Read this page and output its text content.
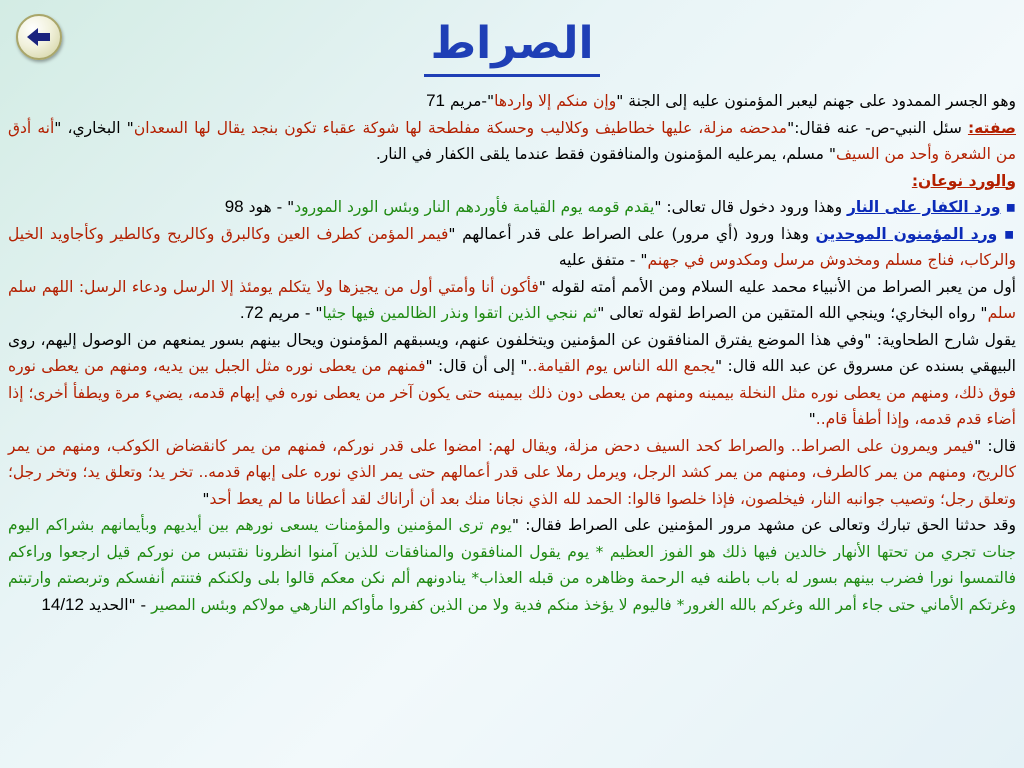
الصراط

وهو الجسر الممدود على جهنم ليعبر المؤمنون عليه إلى الجنة "وإن منكم إلا واردها"-مريم 71

صفته: سئل النبي-ص- عنه فقال:"مدحضه مزلة، عليها خطاطيف وكلاليب وحسكة مفلطحة لها شوكة عقباء تكون بنجد يقال لها السعدان" البخاري، "أنه أدق من الشعرة وأحد من السيف" مسلم، يمرعليه المؤمنون والمنافقون فقط عندما يلقى الكفار في النار.

والورد نوعان:

▪ ورد الكفار على النار وهذا ورود دخول قال تعالى: "يقدم قومه يوم القيامة فأوردهم النار وبئس الورد المورود" - هود 98

▪ ورد المؤمنون الموحدين وهذا ورود (أي مرور) على الصراط على قدر أعمالهم "فيمر المؤمن كطرف العين وكالبرق وكالريح وكالطير وكأجاويد الخيل والركاب، فناج مسلم ومخدوش مرسل ومكدوس في جهنم" - متفق عليه

أول من يعبر الصراط من الأنبياء محمد عليه السلام ومن الأمم أمته لقوله "فأكون أنا وأمتي أول من يجيزها ولا يتكلم يومئذ إلا الرسل ودعاء الرسل: اللهم سلم سلم" رواه البخاري؛ وينجي الله المتقين من الصراط لقوله تعالى "ثم ننجي الذين اتقوا ونذر الظالمين فيها جثيا" - مريم 72.

يقول شارح الطحاوية: "وفي هذا الموضع يفترق المنافقون عن المؤمنين ويتخلفون عنهم، ويسبقهم المؤمنون ويحال بينهم بسور يمنعهم من الوصول إليهم، روى البيهقي بسنده عن مسروق عن عبد الله قال: "يجمع الله الناس يوم القيامة.." إلى أن قال: "فمنهم من يعطى نوره مثل الجبل بين يديه، ومنهم من يعطى نوره فوق ذلك، ومنهم من يعطى نوره مثل النخلة بيمينه ومنهم من يعطى دون ذلك بيمينه حتى يكون آخر من يعطى نوره في إبهام قدمه، يضيء مرة ويطفأ أخرى؛ إذا أضاء قدم قدمه، وإذا أطفأ قام.."

قال: "فيمر ويمرون على الصراط.. والصراط كحد السيف دحض مزلة، ويقال لهم: امضوا على قدر نوركم، فمنهم من يمر كانقضاض الكوكب، ومنهم من يمر كالريح، ومنهم من يمر كالطرف، ومنهم من يمر كشد الرجل، ويرمل رملا على قدر أعمالهم حتى يمر الذي نوره على إبهام قدمه.. تخر يد؛ وتعلق يد؛ وتخر رجل؛ وتعلق رجل؛ وتصيب جوانبه النار، فيخلصون، فإذا خلصوا قالوا: الحمد لله الذي نجانا منك بعد أن أراناك لقد أعطانا ما لم يعط أحد"

وقد حدثنا الحق تبارك وتعالى عن مشهد مرور المؤمنين على الصراط فقال: "يوم ترى المؤمنين والمؤمنات يسعى نورهم بين أيديهم وبأيمانهم بشراكم اليوم جنات تجري من تحتها الأنهار خالدين فيها ذلك هو الفوز العظيم * يوم يقول المنافقون والمنافقات للذين آمنوا انظرونا نقتبس من نوركم قيل ارجعوا وراءكم فالتمسوا نورا فضرب بينهم بسور له باب باطنه فيه الرحمة وظاهره من قبله العذاب* ينادونهم ألم نكن معكم قالوا بلى ولكنكم فتنتم أنفسكم وتربصتم وارتبتم وغرتكم الأماني حتى جاء أمر الله وغركم بالله الغرور* فاليوم لا يؤخذ منكم فدية ولا من الذين كفروا مأواكم النارهي مولاكم وبئس المصير - "الحديد 14/12
